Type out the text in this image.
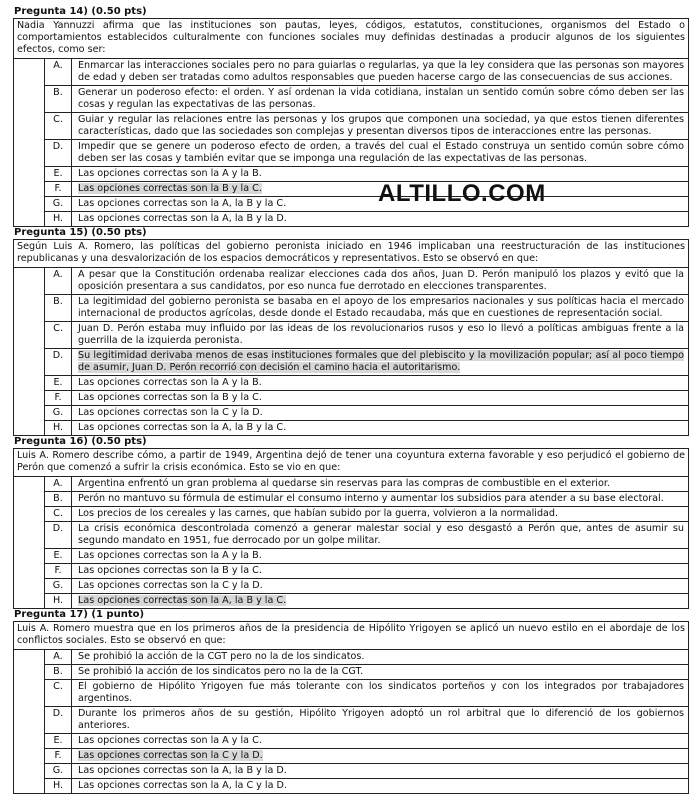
Pregunta 14) (0.50 pts)
Nadia Yannuzzi afirma que las instituciones son pautas, leyes, códigos, estatutos, constituciones, organismos del Estado o comportamientos establecidos culturalmente con funciones sociales muy definidas destinadas a producir algunos de los siguientes efectos, como ser:
A.	Enmarcar las interacciones sociales pero no para guiarlas o regularlas, ya que la ley considera que las personas son mayores de edad y deben ser tratadas como adultos responsables que pueden hacerse cargo de las consecuencias de sus acciones.
B.	Generar un poderoso efecto: el orden. Y así ordenan la vida cotidiana, instalan un sentido común sobre cómo deben ser las cosas y regulan las expectativas de las personas.
C.	Guiar y regular las relaciones entre las personas y los grupos que componen una sociedad, ya que estos tienen diferentes características, dado que las sociedades son complejas y presentan diversos tipos de interacciones entre las personas.
D.	Impedir que se genere un poderoso efecto de orden, a través del cual el Estado construya un sentido común sobre cómo deben ser las cosas y también evitar que se imponga una regulación de las expectativas de las personas.
E.	Las opciones correctas son la A y la B.
F.	Las opciones correctas son la B y la C.
G.	Las opciones correctas son la A, la B y la C.
H.	Las opciones correctas son la A, la B y la D.
Pregunta 15) (0.50 pts)
Según Luis A. Romero, las políticas del gobierno peronista iniciado en 1946 implicaban una reestructuración de las instituciones republicanas y una desvalorización de los espacios democráticos y representativos. Esto se observó en que:
A.	A pesar que la Constitución ordenaba realizar elecciones cada dos años, Juan D. Perón manipuló los plazos y evitó que la oposición presentara a sus candidatos, por eso nunca fue derrotado en elecciones transparentes.
B.	La legitimidad del gobierno peronista se basaba en el apoyo de los empresarios nacionales y sus políticas hacia el mercado internacional de productos agrícolas, desde donde el Estado recaudaba, más que en cuestiones de representación social.
C.	Juan D. Perón estaba muy influido por las ideas de los revolucionarios rusos y eso lo llevó a políticas ambiguas frente a la guerrilla de la izquierda peronista.
D.	Su legitimidad derivaba menos de esas instituciones formales que del plebiscito y la movilización popular; así al poco tiempo de asumir, Juan D. Perón recorrió con decisión el camino hacia el autoritarismo.
E.	Las opciones correctas son la A y la B.
F.	Las opciones correctas son la B y la C.
G.	Las opciones correctas son la C y la D.
H.	Las opciones correctas son la A, la B y la C.
Pregunta 16) (0.50 pts)
Luis A. Romero describe cómo, a partir de 1949, Argentina dejó de tener una coyuntura externa favorable y eso perjudicó el gobierno de Perón que comenzó a sufrir la crisis económica. Esto se vio en que:
A.	Argentina enfrentó un gran problema al quedarse sin reservas para las compras de combustible en el exterior.
B.	Perón no mantuvo su fórmula de estimular el consumo interno y aumentar los subsidios para atender a su base electoral.
C.	Los precios de los cereales y las carnes, que habían subido por la guerra, volvieron a la normalidad.
D.	La crisis económica descontrolada comenzó a generar malestar social y eso desgastó a Perón que, antes de asumir su segundo mandato en 1951, fue derrocado por un golpe militar.
E.	Las opciones correctas son la A y la B.
F.	Las opciones correctas son la B y la C.
G.	Las opciones correctas son la C y la D.
H.	Las opciones correctas son la A, la B y la C.
Pregunta 17) (1 punto)
Luis A. Romero muestra que en los primeros años de la presidencia de Hipólito Yrigoyen se aplicó un nuevo estilo en el abordaje de los conflictos sociales. Esto se observó en que:
A.	Se prohibió la acción de la CGT pero no la de los sindicatos.
B.	Se prohibió la acción de los sindicatos pero no la de la CGT.
C.	El gobierno de Hipólito Yrigoyen fue más tolerante con los sindicatos porteños y con los integrados por trabajadores argentinos.
D.	Durante los primeros años de su gestión, Hipólito Yrigoyen adoptó un rol arbitral que lo diferenció de los gobiernos anteriores.
E.	Las opciones correctas son la A y la C.
F.	Las opciones correctas son la C y la D.
G.	Las opciones correctas son la A, la B y la D.
H.	Las opciones correctas son la A, la C y la D.
ALTILLO.COM
